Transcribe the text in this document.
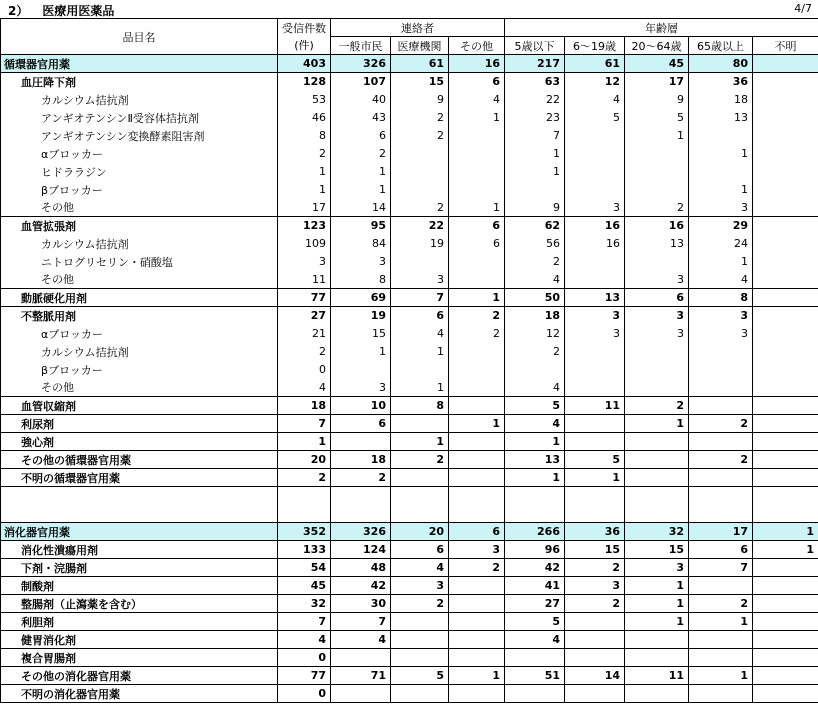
2） 医療用医薬品	4/7
品目名	受信件数
(件)	連絡者			年齢層				
		一般市民	医療機関	その他	5歳以下	6～19歳	20～64歳	65歳以上	不明
循環器官用薬	403	326	61	16	217	61	45	80	
血圧降下剤	128	107	15	6	63	12	17	36	
カルシウム拮抗剤	53	40	9	4	22	4	9	18	
アンギオテンシンⅡ受容体拮抗剤	46	43	2	1	23	5	5	13	
アンギオテンシン変換酵素阻害剤	8	6	2		7		1		
αブロッカー	2	2			1			1	
ヒドララジン	1	1			1				
βブロッカー	1	1						1	
その他	17	14	2	1	9	3	2	3	
血管拡張剤	123	95	22	6	62	16	16	29	
カルシウム拮抗剤	109	84	19	6	56	16	13	24	
ニトログリセリン・硝酸塩	3	3			2			1	
その他	11	8	3		4		3	4	
動脈硬化用剤	77	69	7	1	50	13	6	8	
不整脈用剤	27	19	6	2	18	3	3	3	
αブロッカー	21	15	4	2	12	3	3	3	
カルシウム拮抗剤	2	1	1		2				
βブロッカー	0								
その他	4	3	1		4				
血管収縮剤	18	10	8		5	11	2		
利尿剤	7	6		1	4		1	2	
強心剤	1		1		1				
その他の循環器官用薬	20	18	2		13	5		2	
不明の循環器官用薬	2	2			1	1			

消化器官用薬	352	326	20	6	266	36	32	17	1
消化性潰瘍用剤	133	124	6	3	96	15	15	6	1
下剤・浣腸剤	54	48	4	2	42	2	3	7	
制酸剤	45	42	3		41	3	1		
整腸剤（止瀉薬を含む）	32	30	2		27	2	1	2	
利胆剤	7	7			5		1	1	
健胃消化剤	4	4			4				
複合胃腸剤	0								
その他の消化器官用薬	77	71	5	1	51	14	11	1	
不明の消化器官用薬	0								
